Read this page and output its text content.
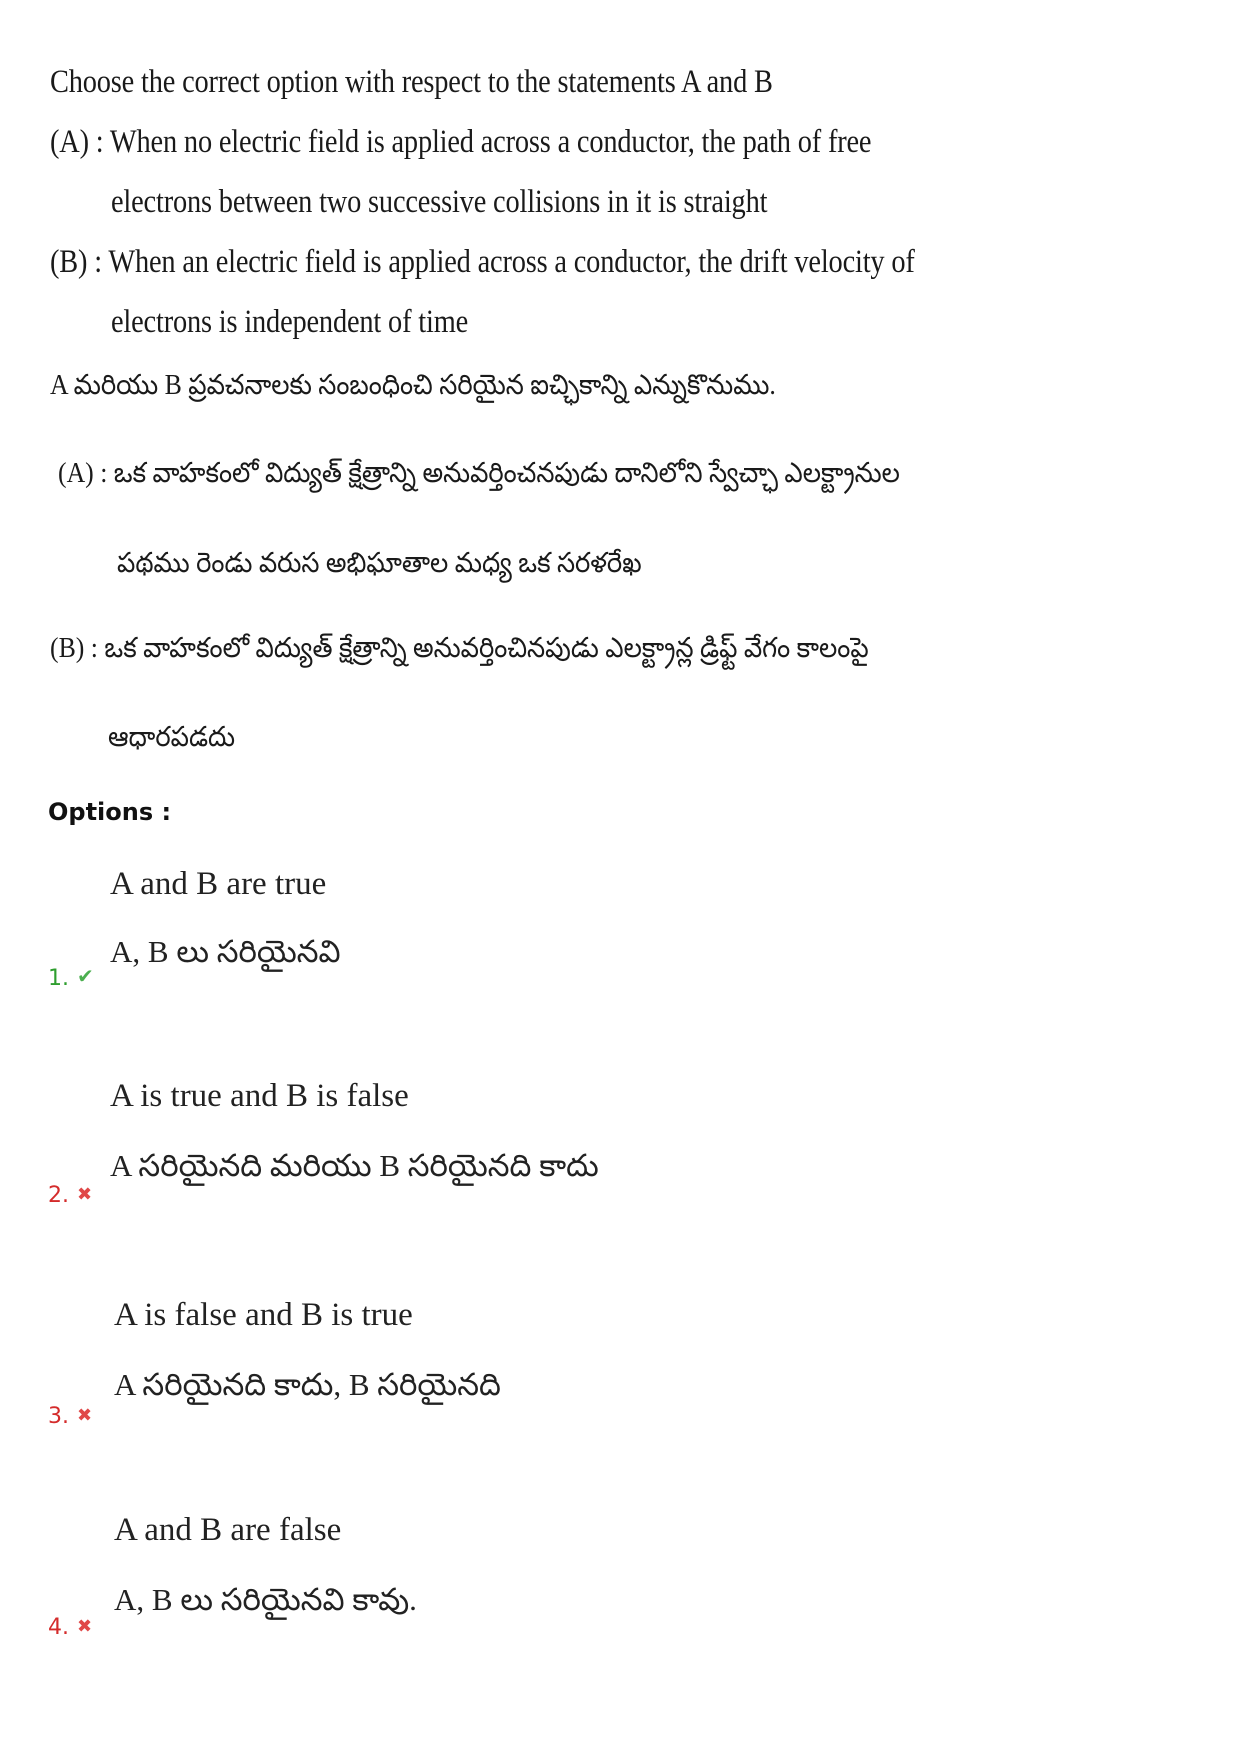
Choose the correct option with respect to the statements A and B
(A) : When no electric field is applied across a conductor, the path of free
electrons between two successive collisions in it is straight
(B) : When an electric field is applied across a conductor, the drift velocity of
electrons is independent of time
A మరియు B ప్రవచనాలకు సంబంధించి సరియైన ఐచ్ఛికాన్ని ఎన్నుకొనుము.
(A) : ఒక వాహకంలో విద్యుత్ క్షేత్రాన్ని అనువర్తించనపుడు దానిలోని స్వేచ్ఛా ఎలక్ట్రానుల
పథము రెండు వరుస అభిఘాతాల మధ్య ఒక సరళరేఖ
(B) : ఒక వాహకంలో విద్యుత్ క్షేత్రాన్ని అనువర్తించినపుడు ఎలక్ట్రాన్ల డ్రిఫ్ట్ వేగం కాలంపై
ఆధారపడదు
Options :
A and B are true
A, B లు సరియైనవి
1. ✔
A is true and B is false
A సరియైనది మరియు B సరియైనది కాదు
2. ✖
A is false and B is true
A సరియైనది కాదు, B సరియైనది
3. ✖
A and B are false
A, B లు సరియైనవి కావు.
4. ✖
